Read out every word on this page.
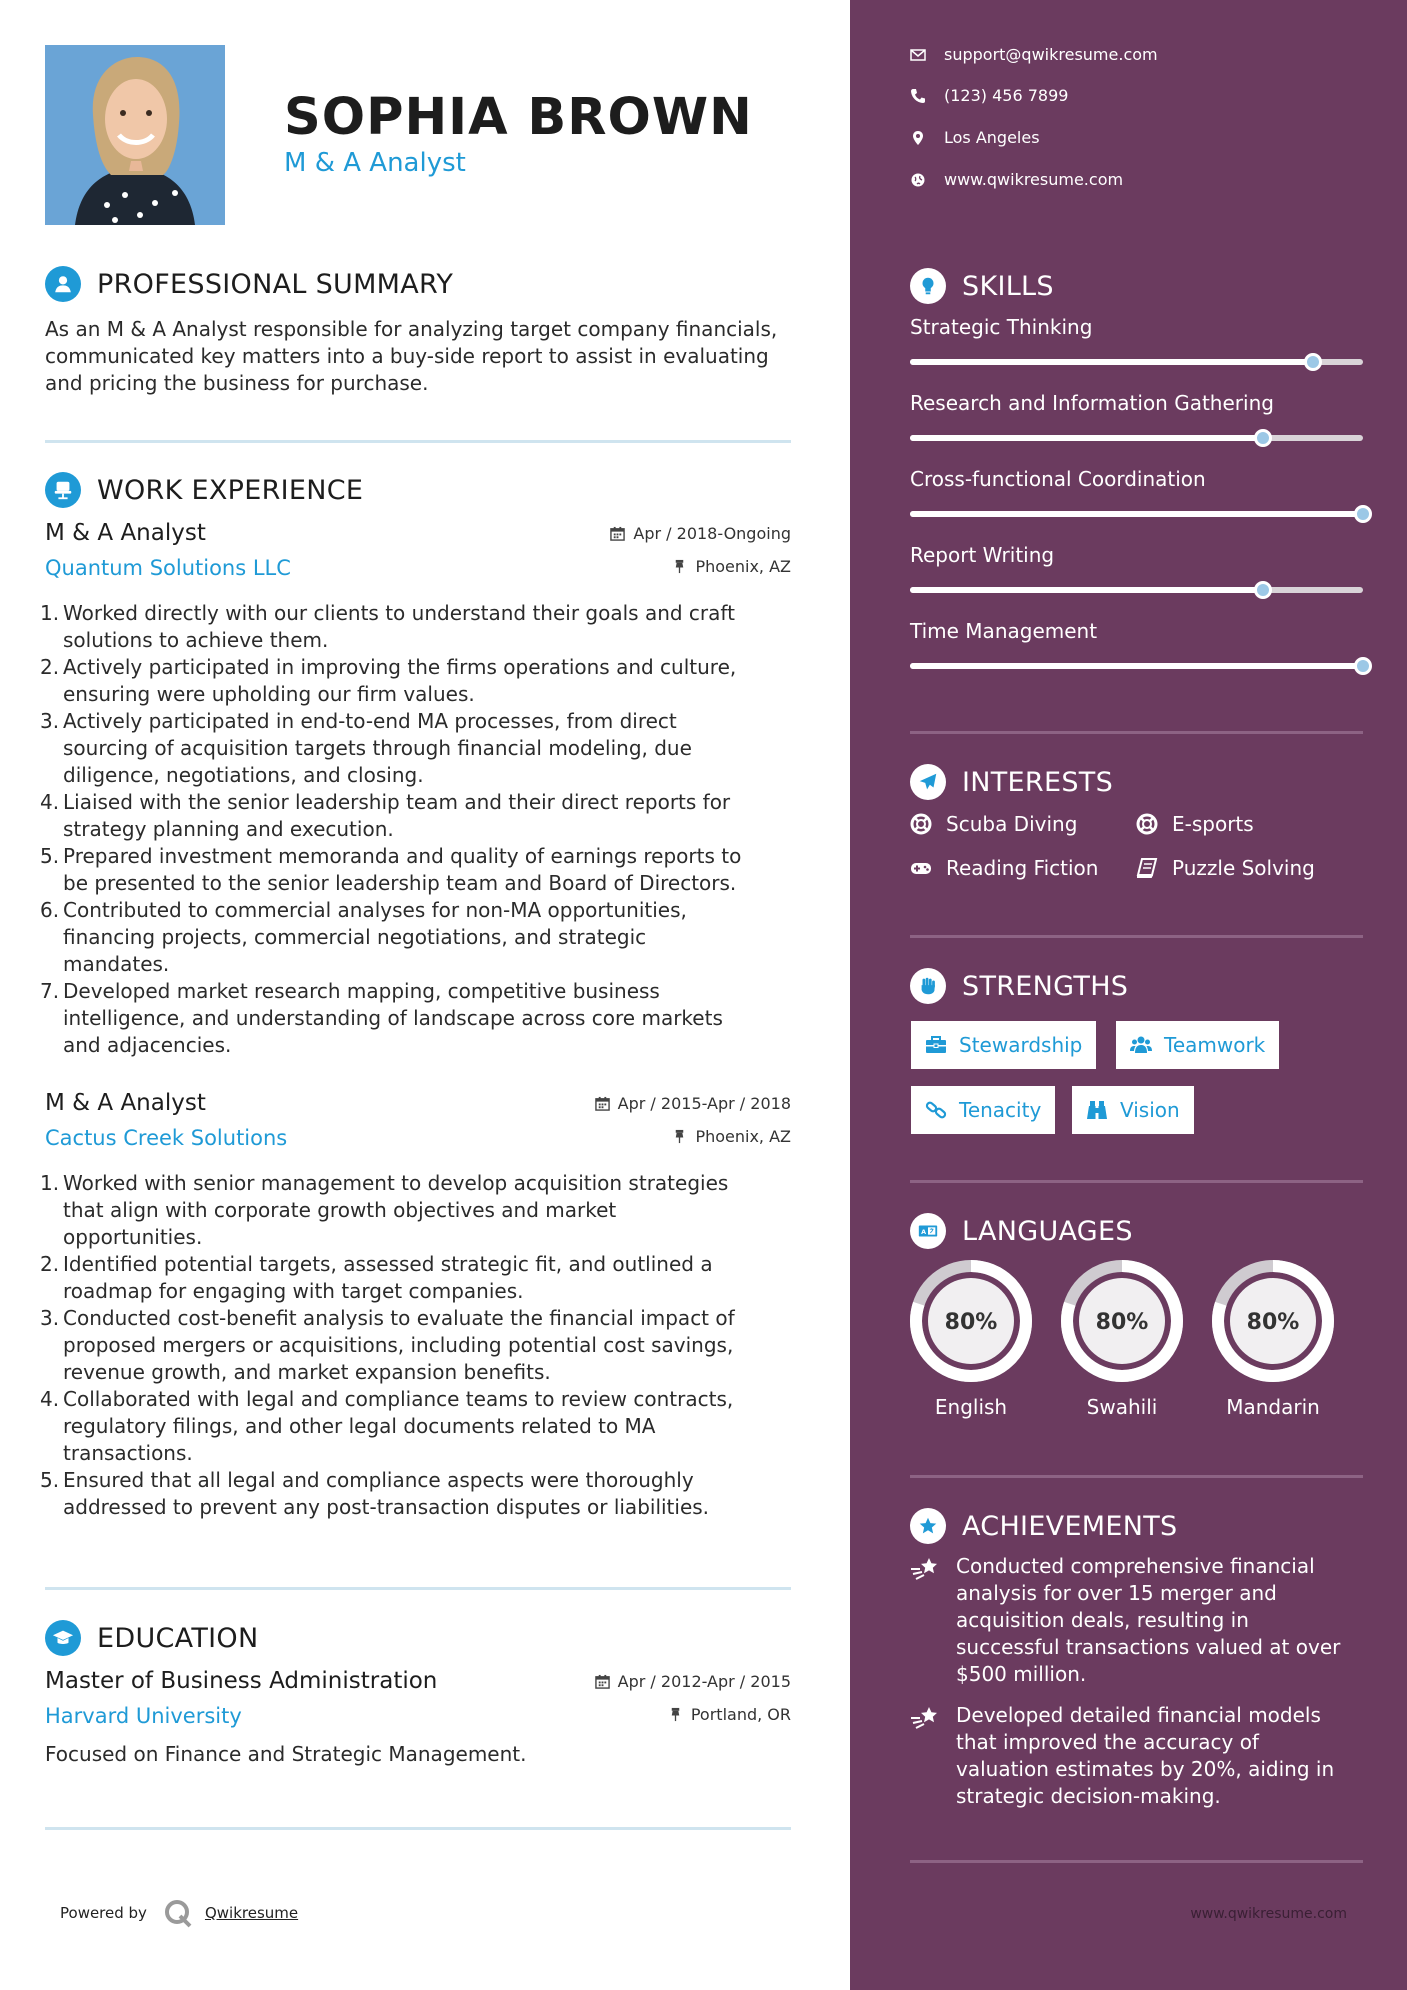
SOPHIA BROWN
M & A Analyst
PROFESSIONAL SUMMARY
As an M & A Analyst responsible for analyzing target company financials, communicated key matters into a buy-side report to assist in evaluating and pricing the business for purchase.
WORK EXPERIENCE
M & A Analyst
Quantum Solutions LLC
Apr / 2018-Ongoing
Phoenix, AZ
1. Worked directly with our clients to understand their goals and craft
solutions to achieve them.
2. Actively participated in improving the firms operations and culture,
ensuring were upholding our firm values.
3. Actively participated in end-to-end MA processes, from direct
sourcing of acquisition targets through financial modeling, due
diligence, negotiations, and closing.
4. Liaised with the senior leadership team and their direct reports for
strategy planning and execution.
5. Prepared investment memoranda and quality of earnings reports to
be presented to the senior leadership team and Board of Directors.
6. Contributed to commercial analyses for non-MA opportunities,
financing projects, commercial negotiations, and strategic
mandates.
7. Developed market research mapping, competitive business
intelligence, and understanding of landscape across core markets
and adjacencies.
M & A Analyst
Cactus Creek Solutions
Apr / 2015-Apr / 2018
Phoenix, AZ
1. Worked with senior management to develop acquisition strategies
that align with corporate growth objectives and market
opportunities.
2. Identified potential targets, assessed strategic fit, and outlined a
roadmap for engaging with target companies.
3. Conducted cost-benefit analysis to evaluate the financial impact of
proposed mergers or acquisitions, including potential cost savings,
revenue growth, and market expansion benefits.
4. Collaborated with legal and compliance teams to review contracts,
regulatory filings, and other legal documents related to MA
transactions.
5. Ensured that all legal and compliance aspects were thoroughly
addressed to prevent any post-transaction disputes or liabilities.
EDUCATION
Master of Business Administration
Harvard University
Apr / 2012-Apr / 2015
Portland, OR
Focused on Finance and Strategic Management.
Powered by	Qwikresume
support@qwikresume.com
(123) 456 7899
Los Angeles
www.qwikresume.com
SKILLS
Strategic Thinking
Research and Information Gathering
Cross-functional Coordination
Report Writing
Time Management
INTERESTS
Scuba Diving	E-sports
Reading Fiction	Puzzle Solving
STRENGTHS
Stewardship	Teamwork
Tenacity	Vision
A LANGUAGES
80%
English
80%
Swahili
80%
Mandarin
ACHIEVEMENTS
Conducted comprehensive financial
analysis for over 15 merger and
acquisition deals, resulting in
successful transactions valued at over
$500 million.
Developed detailed financial models
that improved the accuracy of
valuation estimates by 20%, aiding in
strategic decision-making.
www.qwikresume.com
